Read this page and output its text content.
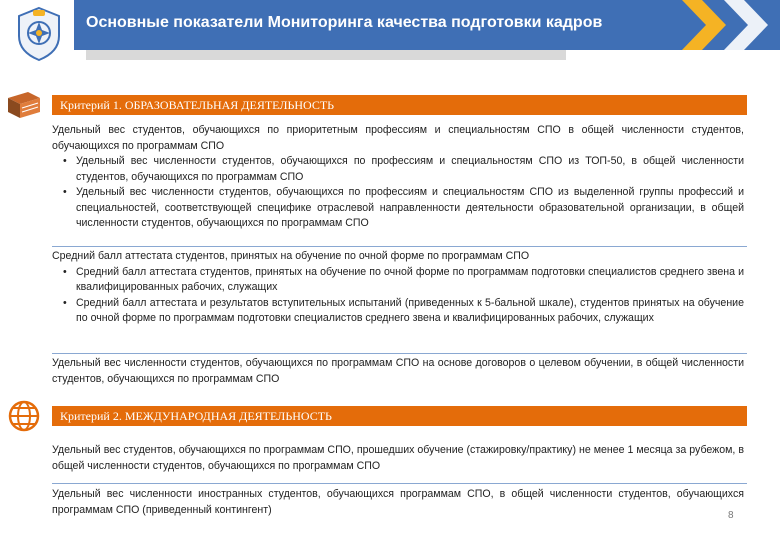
Основные показатели Мониторинга качества подготовки кадров
Критерий 1. ОБРАЗОВАТЕЛЬНАЯ ДЕЯТЕЛЬНОСТЬ

Удельный вес студентов, обучающихся по приоритетным профессиям и специальностям СПО в общей численности студентов, обучающихся по программам СПО

• Удельный вес численности студентов, обучающихся по профессиям и специальностям СПО из ТОП-50, в общей численности студентов, обучающихся по программам СПО
• Удельный вес численности студентов, обучающихся по профессиям и специальностям СПО из выделенной группы профессий и специальностей, соответствующей специфике отраслевой направленности деятельности образовательной организации, в общей численности студентов, обучающихся по программам СПО

Средний балл аттестата студентов, принятых на обучение по очной форме по программам СПО

• Средний балл аттестата студентов, принятых на обучение по очной форме по программам подготовки специалистов среднего звена и квалифицированных рабочих, служащих
• Средний балл аттестата и результатов вступительных испытаний (приведенных к 5-бальной шкале), студентов принятых на обучение по очной форме по программам подготовки специалистов среднего звена и квалифицированных рабочих, служащих

Удельный вес численности студентов, обучающихся по программам СПО на основе договоров о целевом обучении, в общей численности студентов, обучающихся по программам СПО

Критерий 2. МЕЖДУНАРОДНАЯ ДЕЯТЕЛЬНОСТЬ

Удельный вес студентов, обучающихся по программам СПО, прошедших обучение (стажировку/практику) не менее 1 месяца за рубежом, в общей численности студентов, обучающихся по программам СПО

Удельный вес численности иностранных студентов, обучающихся программам СПО, в общей численности студентов, обучающихся программам СПО (приведенный контингент)	8
